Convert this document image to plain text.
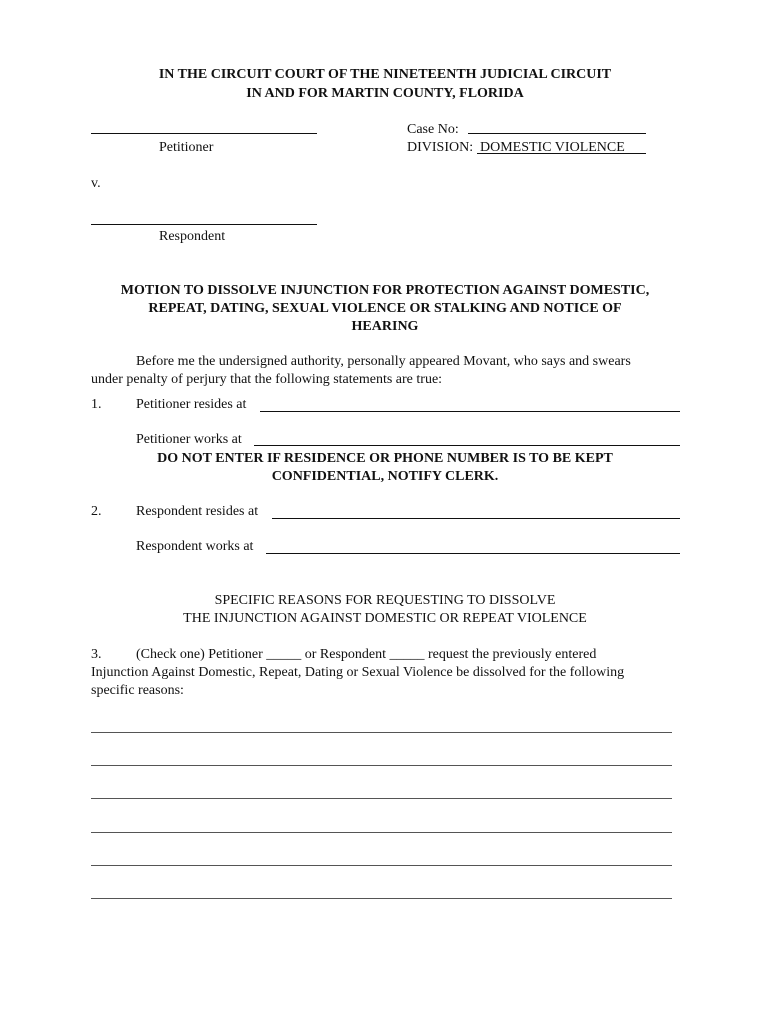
IN THE CIRCUIT COURT OF THE NINETEENTH JUDICIAL CIRCUIT
IN AND FOR MARTIN COUNTY, FLORIDA
Petitioner
Case No:
DIVISION: DOMESTIC VIOLENCE
v.
Respondent
MOTION TO DISSOLVE INJUNCTION FOR PROTECTION AGAINST DOMESTIC,
REPEAT, DATING, SEXUAL VIOLENCE OR STALKING AND NOTICE OF
HEARING
Before me the undersigned authority, personally appeared Movant, who says and swears
under penalty of perjury that the following statements are true:
1. Petitioner resides at
Petitioner works at
DO NOT ENTER IF RESIDENCE OR PHONE NUMBER IS TO BE KEPT
CONFIDENTIAL, NOTIFY CLERK.
2. Respondent resides at
Respondent works at
SPECIFIC REASONS FOR REQUESTING TO DISSOLVE
THE INJUNCTION AGAINST DOMESTIC OR REPEAT VIOLENCE
3. (Check one) Petitioner _____ or Respondent _____ request the previously entered
Injunction Against Domestic, Repeat, Dating or Sexual Violence be dissolved for the following
specific reasons:
